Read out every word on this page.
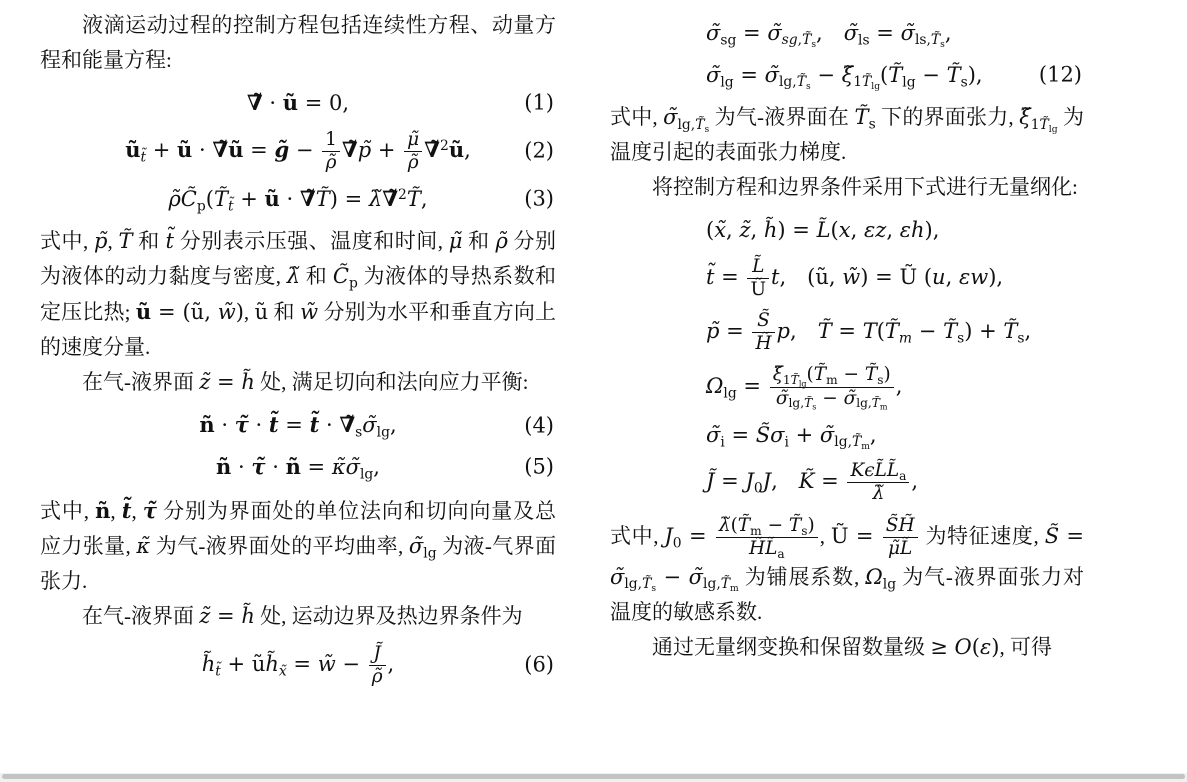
液滴运动过程的控制方程包括连续性方程、动量方程和能量方程:

∇̃ · ũ = 0,	(1)
$ũ_{t̃}$ + ũ · ∇̃ũ = g̃ − $\frac{1}{\rhõ}$ ∇̃p̃ + $\frac{\mũ}{\rhõ}$ ∇̃$^2$ũ,	(2)
$\rhõC̃_p(T̃_{t̃}$ + ũ · ∇̃T̃) = λ̃∇̃$^2$T̃,	(3)

式中, p̃, T̃ 和 t̃ 分别表示压强、温度和时间, μ̃ 和 ρ̃ 分别为液体的动力黏度与密度, λ̃ 和 $C̃_p$ 为液体的导热系数和定压比热; ũ = (ũ, w̃), ũ 和 w̃ 分别为水平和垂直方向上的速度分量.

在气-液界面 z̃ = h̃ 处, 满足切向和法向应力平衡:

ñ · τ̃ · t̃ = t̃ · $\nablã_s\sigmã_{lg}$,	(4)
ñ · τ̃ · ñ = $\kappã\sigmã_{lg}$,	(5)

式中, ñ, t̃, τ̃ 分别为界面处的单位法向和切向向量及总应力张量, κ̃ 为气-液界面处的平均曲率, $\sigmã_{lg}$ 为液-气界面张力.

在气-液界面 z̃ = h̃ 处, 运动边界及热边界条件为

$h̃_{t̃}$ + $ũh̃_{x̃}$ = w̃ − $\frac{J̃}{\rhõ}$ ,	(6)
$\sigmã_{sg}$ = $\sigmã_{sg,T̃_s}$,  $\sigmã_{ls}$ = $\sigmã_{ls,T̃_s}$,
$\sigmã_{lg}$ = $\sigmã_{lg,T̃_s}$ − $\xĩ_{1T̃_{lg}}(T̃_{lg}$ − $T̃_s$),	(12)

式中, $\sigmã_{lg,T̃_s}$ 为气-液界面在 $T̃_s$ 下的界面张力, $\xĩ_{1T̃_{lg}}$ 为温度引起的表面张力梯度.

将控制方程和边界条件采用下式进行无量纲化:

(x̃, z̃, h̃) = L̃(x, εz, εh),
t̃ = $\frac{L̃}{Ũ} t$,  (ũ, w̃) = Ũ (u, εw),
p̃ = $\frac{S̃}{H̃} p$,  T̃ = $T(T̃_m$ − $T̃_s$) + $T̃_s$,
$\Omega_{lg} = \frac{\xĩ_{1T̃_{lg}}(T̃_m - T̃_s)}{\sigmã_{lg,T̃_s} - \sigmã_{lg,T̃_m}}$ ,
$\sigmã_i$ = $S̃\sigma_i$ + $\sigmã_{lg,T̃_m}$,
J̃ = $J_0J$,  K̃ = $K\epsilon L̃L̃_a$
λ̃
,

式中, $J_0 = \frac{\lambdã(T̃_m - T̃_s)}{H̃L̃_a}$ , Ũ = $\frac{S̃H̃}{\mũL̃}$ 为特征速度, S̃ = $\sigmã_{lg,T̃_s}$ − $\sigmã_{lg,T̃_m}$ 为铺展系数, $\Omega_{lg}$ 为气-液界面张力对温度的敏感系数.

通过无量纲变换和保留数量级 ≥ O(ε), 可得
